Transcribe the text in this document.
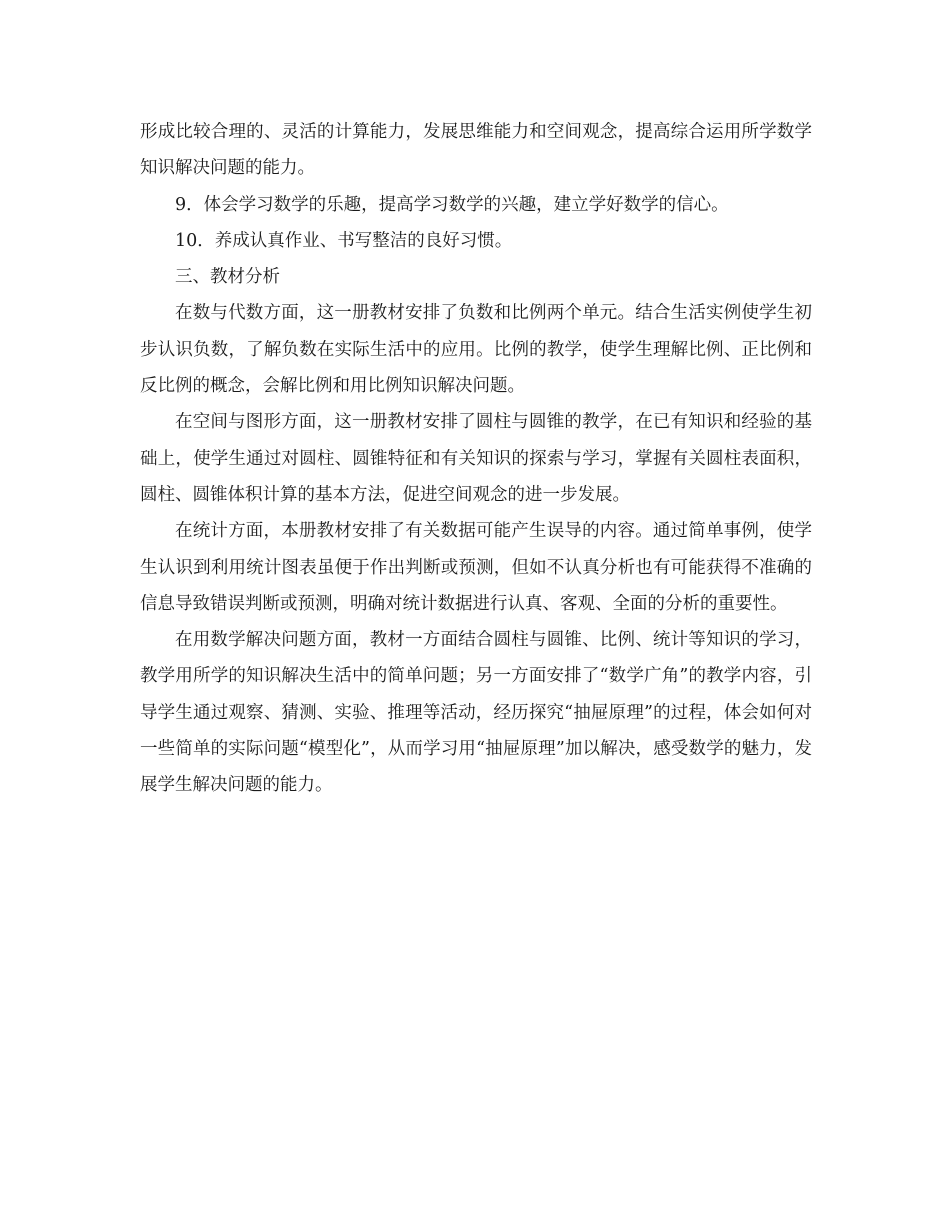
形成比较合理的、灵活的计算能力，发展思维能力和空间观念，提高综合运用所学数学知识解决问题的能力。

9．体会学习数学的乐趣，提高学习数学的兴趣，建立学好数学的信心。

10．养成认真作业、书写整洁的良好习惯。

三、教材分析

在数与代数方面，这一册教材安排了负数和比例两个单元。结合生活实例使学生初步认识负数，了解负数在实际生活中的应用。比例的教学，使学生理解比例、正比例和反比例的概念，会解比例和用比例知识解决问题。

在空间与图形方面，这一册教材安排了圆柱与圆锥的教学，在已有知识和经验的基础上，使学生通过对圆柱、圆锥特征和有关知识的探索与学习，掌握有关圆柱表面积，圆柱、圆锥体积计算的基本方法，促进空间观念的进一步发展。

在统计方面，本册教材安排了有关数据可能产生误导的内容。通过简单事例，使学生认识到利用统计图表虽便于作出判断或预测，但如不认真分析也有可能获得不准确的信息导致错误判断或预测，明确对统计数据进行认真、客观、全面的分析的重要性。

在用数学解决问题方面，教材一方面结合圆柱与圆锥、比例、统计等知识的学习，教学用所学的知识解决生活中的简单问题；另一方面安排了“数学广角”的教学内容，引导学生通过观察、猜测、实验、推理等活动，经历探究“抽屉原理”的过程，体会如何对一些简单的实际问题“模型化”，从而学习用“抽屉原理”加以解决，感受数学的魅力，发展学生解决问题的能力。
